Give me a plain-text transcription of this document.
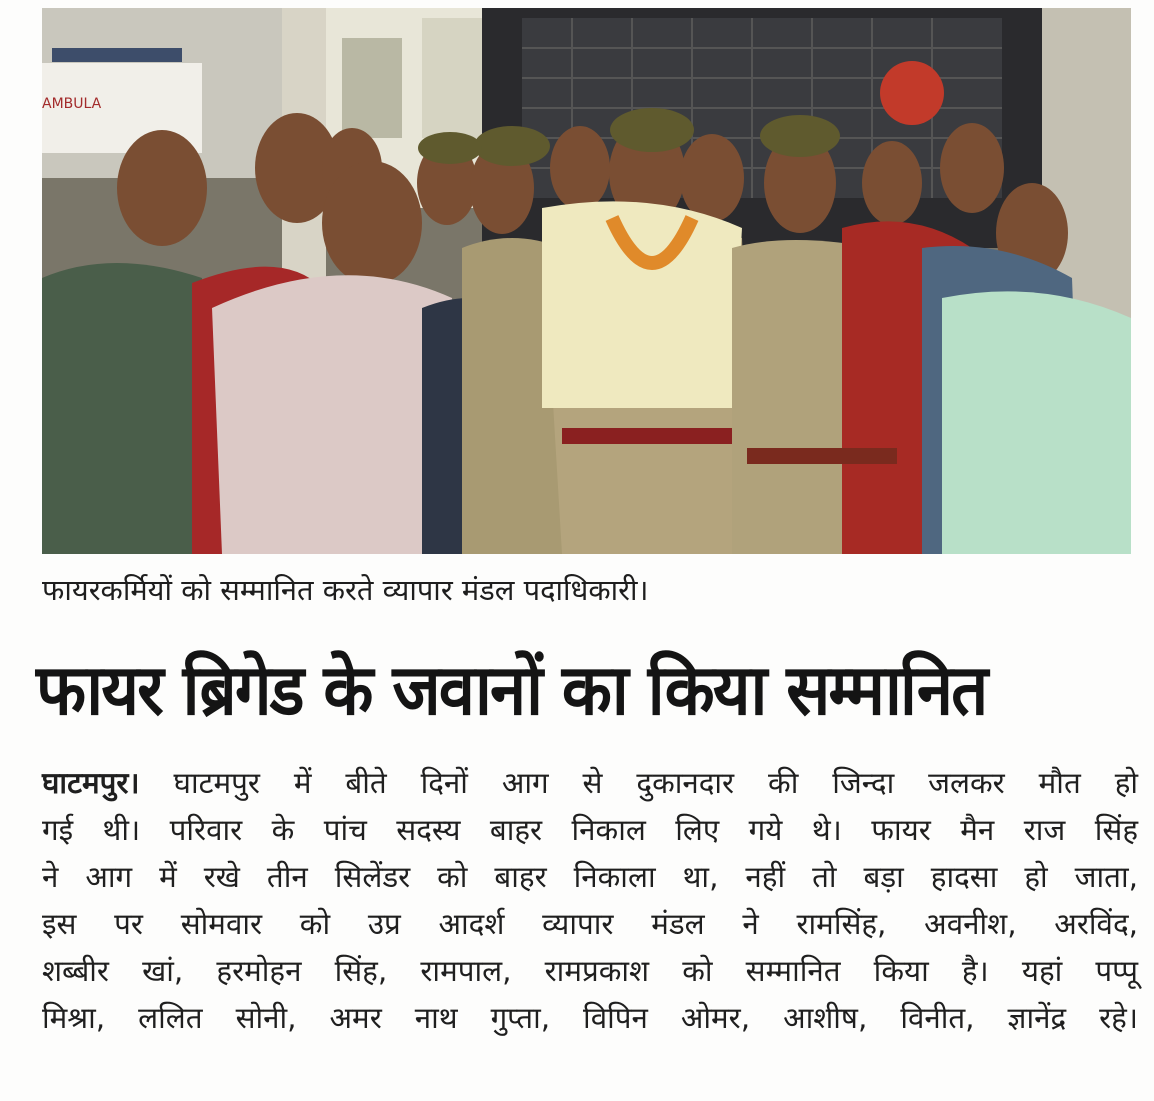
AMBULA
फायरकर्मियों को सम्मानित करते व्यापार मंडल पदाधिकारी।
फायर ब्रिगेड के जवानों का किया सम्मानित
घाटमपुर। घाटमपुर में बीते दिनों आग से दुकानदार की जिन्दा जलकर मौत हो
गई थी। परिवार के पांच सदस्य बाहर निकाल लिए गये थे। फायर मैन राज सिंह
ने आग में रखे तीन सिलेंडर को बाहर निकाला था, नहीं तो बड़ा हादसा हो जाता,
इस पर सोमवार को उप्र आदर्श व्यापार मंडल ने रामसिंह, अवनीश, अरविंद,
शब्बीर खां, हरमोहन सिंह, रामपाल, रामप्रकाश को सम्मानित किया है। यहां पप्पू
मिश्रा, ललित सोनी, अमर नाथ गुप्ता, विपिन ओमर, आशीष, विनीत, ज्ञानेंद्र रहे।
